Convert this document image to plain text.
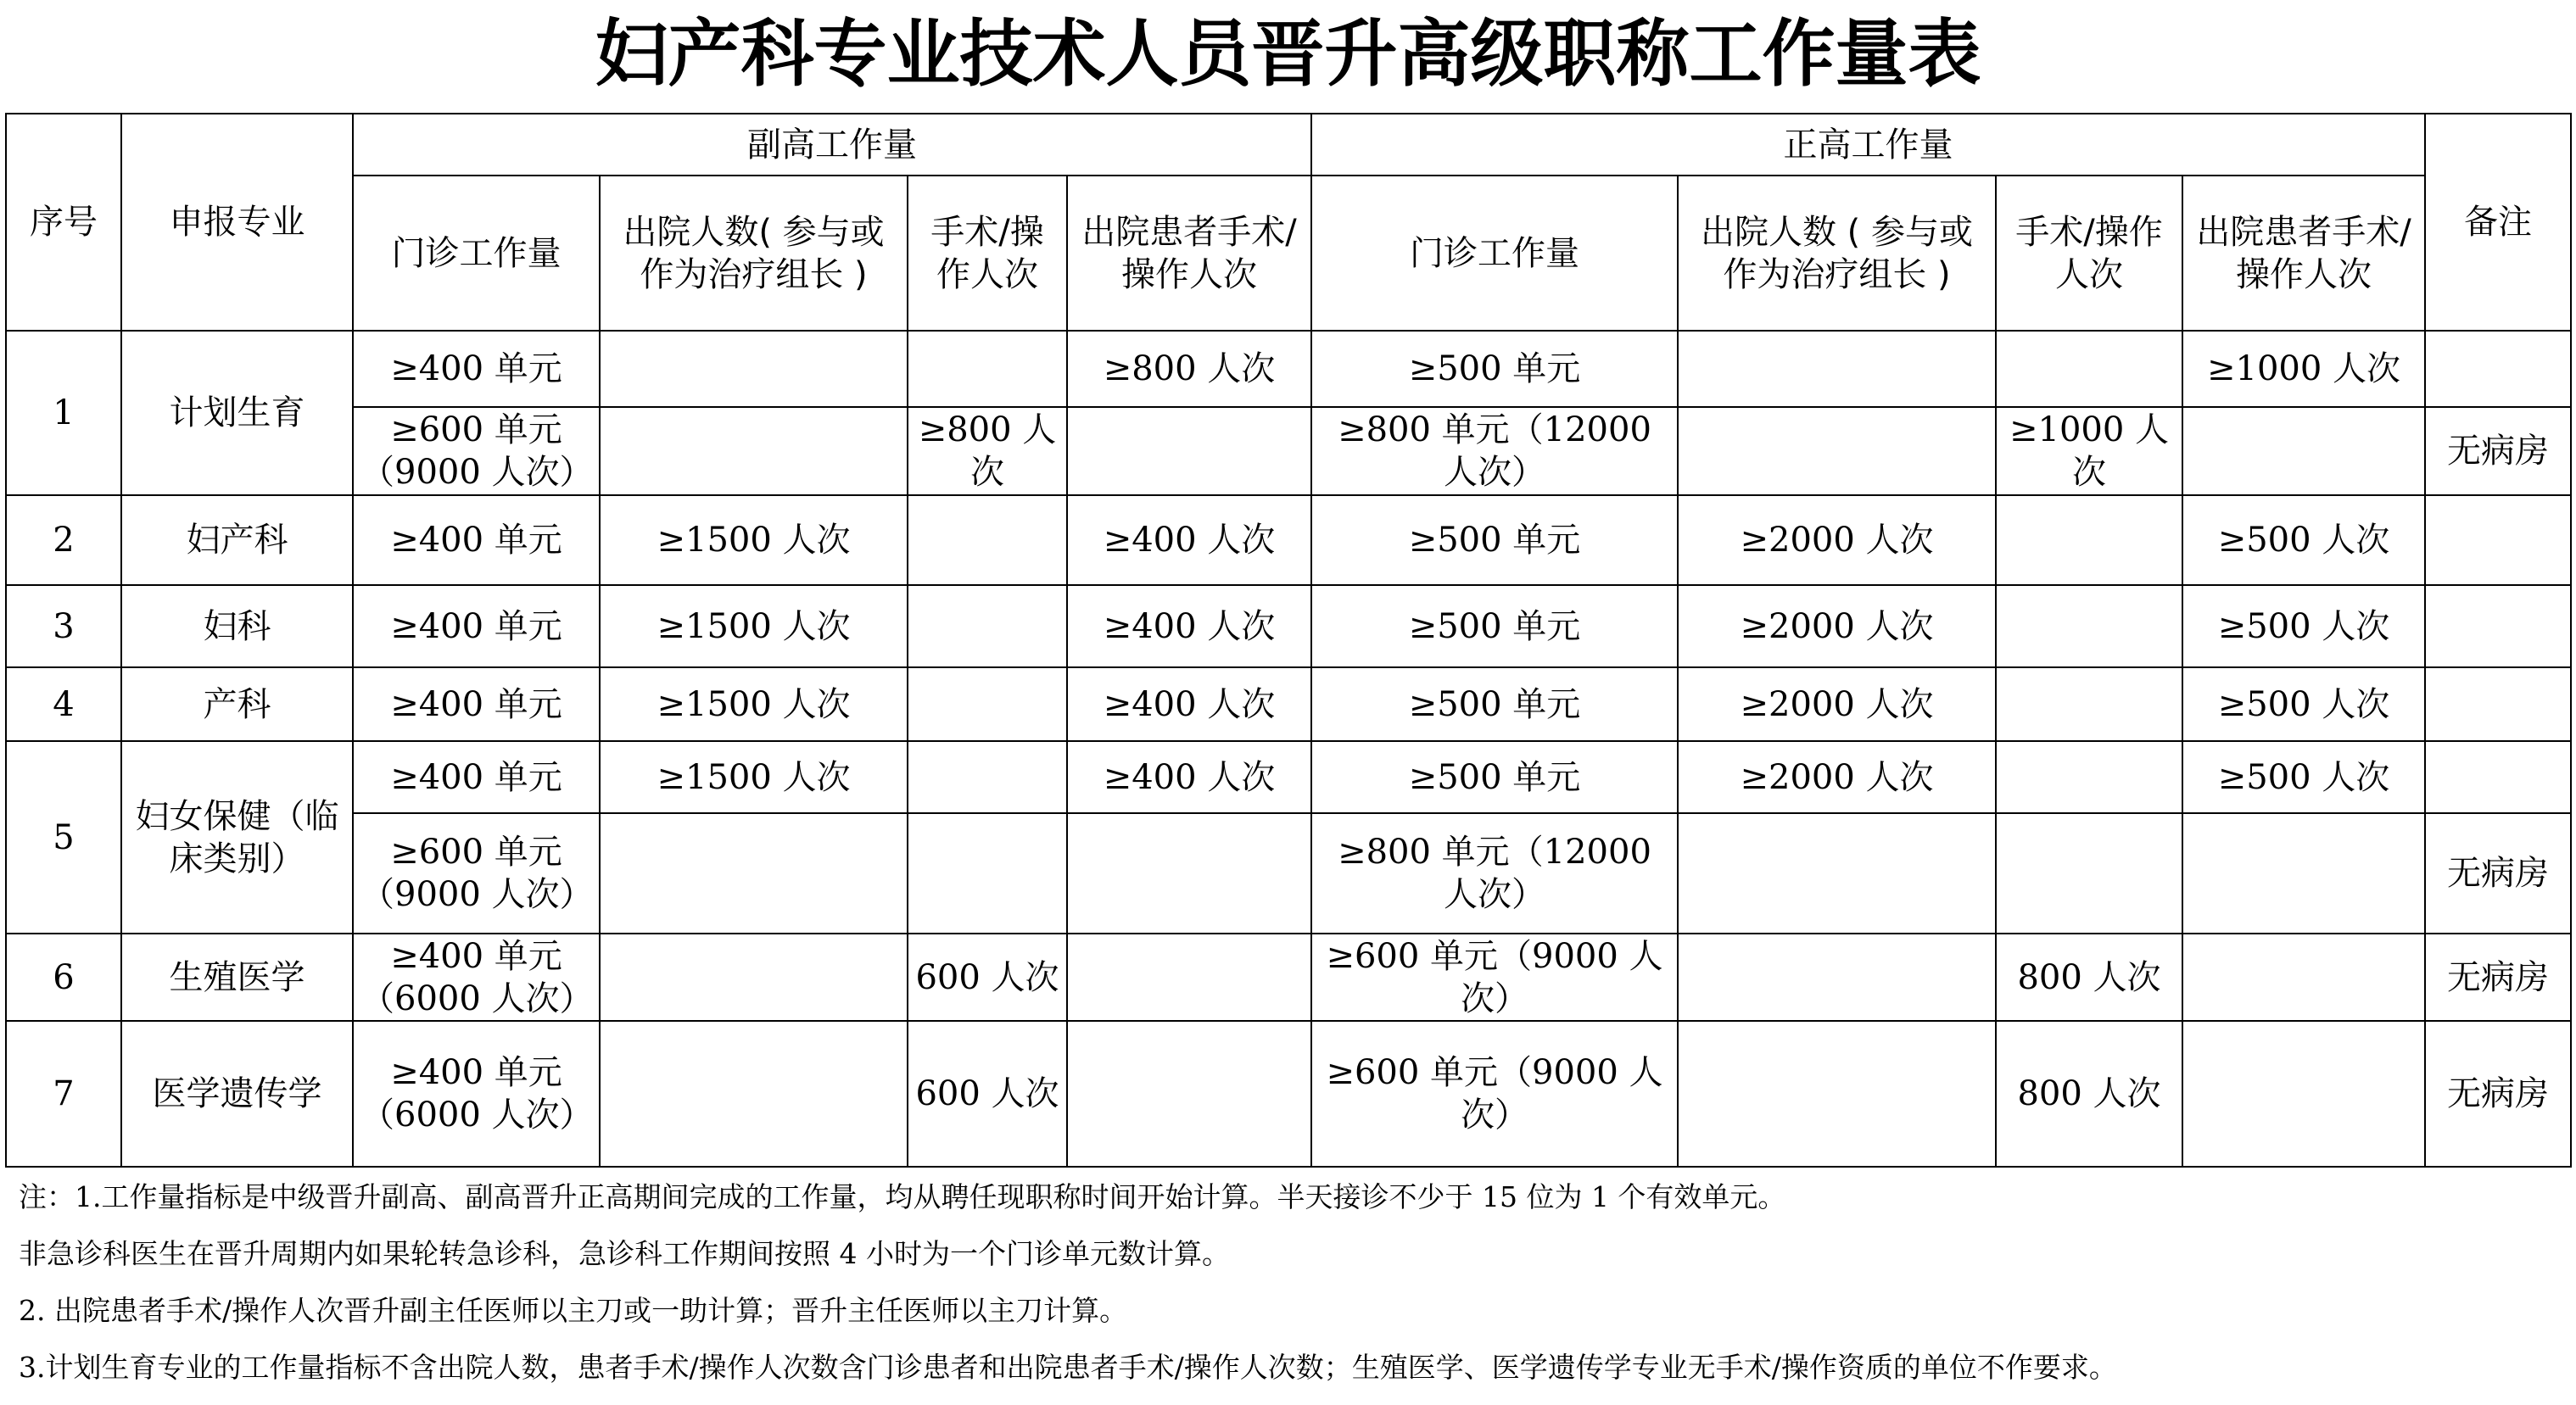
妇产科专业技术人员晋升高级职称工作量表
序号	申报专业	副高工作量				正高工作量				备注
		门诊工作量	出院人数( 参与或作为治疗组长 )	手术/操作人次	出院患者手术/操作人次	门诊工作量	出院人数 ( 参与或作为治疗组长 )	手术/操作人次	出院患者手术/操作人次	
1	计划生育	≥400 单元			≥800 人次	≥500 单元			≥1000 人次	
		≥600 单元（9000 人次）		≥800 人次		≥800 单元（12000 人次）		≥1000 人次		无病房
2	妇产科	≥400 单元	≥1500 人次		≥400 人次	≥500 单元	≥2000 人次		≥500 人次	
3	妇科	≥400 单元	≥1500 人次		≥400 人次	≥500 单元	≥2000 人次		≥500 人次	
4	产科	≥400 单元	≥1500 人次		≥400 人次	≥500 单元	≥2000 人次		≥500 人次	
5	妇女保健（临床类别）	≥400 单元	≥1500 人次		≥400 人次	≥500 单元	≥2000 人次		≥500 人次	
		≥600 单元（9000 人次）				≥800 单元（12000 人次）				无病房
6	生殖医学	≥400 单元（6000 人次）		600 人次		≥600 单元（9000 人次）		800 人次		无病房
7	医学遗传学	≥400 单元（6000 人次）		600 人次		≥600 单元（9000 人次）		800 人次		无病房
注：1.工作量指标是中级晋升副高、副高晋升正高期间完成的工作量，均从聘任现职称时间开始计算。半天接诊不少于 15 位为 1 个有效单元。
非急诊科医生在晋升周期内如果轮转急诊科，急诊科工作期间按照 4 小时为一个门诊单元数计算。
2. 出院患者手术/操作人次晋升副主任医师以主刀或一助计算；晋升主任医师以主刀计算。
3.计划生育专业的工作量指标不含出院人数，患者手术/操作人次数含门诊患者和出院患者手术/操作人次数；生殖医学、医学遗传学专业无手术/操作资质的单位不作要求。
